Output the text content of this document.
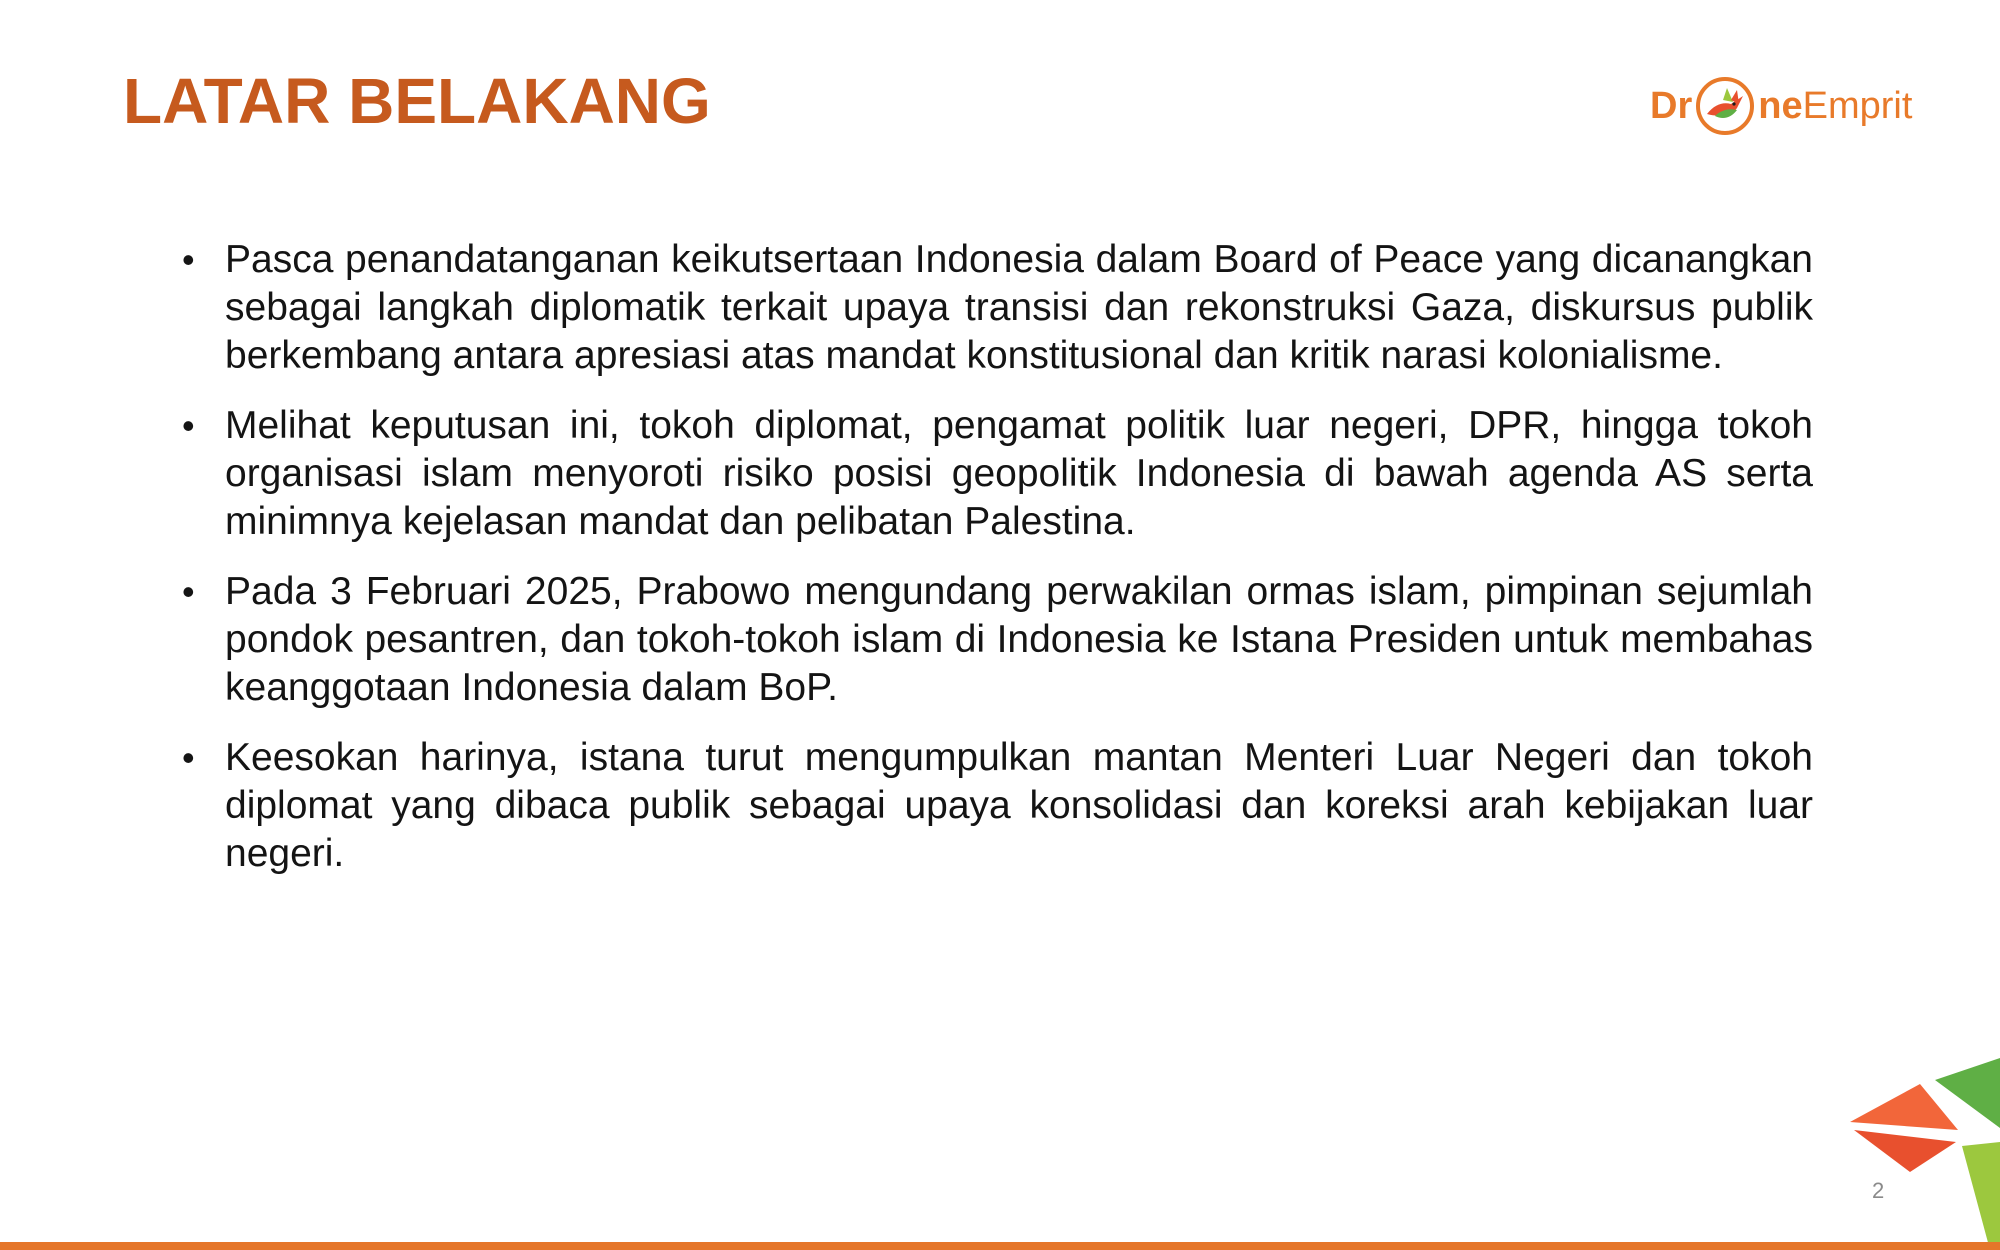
LATAR BELAKANG	Dr ne Emprit
• Pasca penandatanganan keikutsertaan Indonesia dalam Board of Peace yang dicanangkan sebagai langkah diplomatik terkait upaya transisi dan rekonstruksi Gaza, diskursus publik berkembang antara apresiasi atas mandat konstitusional dan kritik narasi kolonialisme.
• Melihat keputusan ini, tokoh diplomat, pengamat politik luar negeri, DPR, hingga tokoh organisasi islam menyoroti risiko posisi geopolitik Indonesia di bawah agenda AS serta minimnya kejelasan mandat dan pelibatan Palestina.
• Pada 3 Februari 2025, Prabowo mengundang perwakilan ormas islam, pimpinan sejumlah pondok pesantren, dan tokoh-tokoh islam di Indonesia ke Istana Presiden untuk membahas keanggotaan Indonesia dalam BoP.
• Keesokan harinya, istana turut mengumpulkan mantan Menteri Luar Negeri dan tokoh diplomat yang dibaca publik sebagai upaya konsolidasi dan koreksi arah kebijakan luar negeri.
2
